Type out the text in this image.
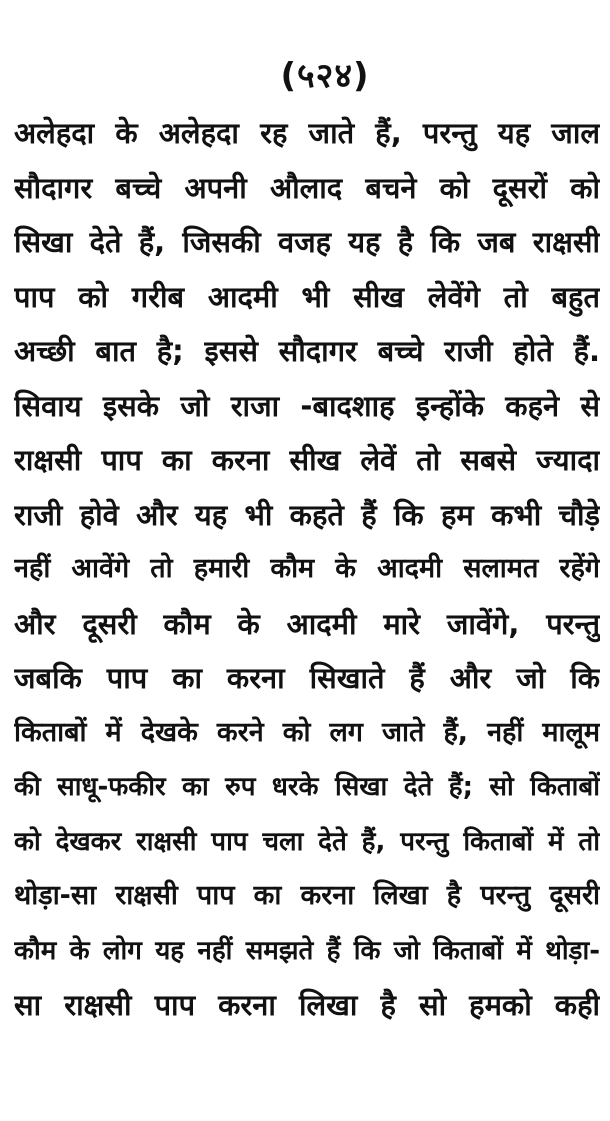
(५२४)
अलेहदा के अलेहदा रह जाते हैं, परन्तु यह जाल
सौदागर बच्चे अपनी औलाद बचने को दूसरों को
सिखा देते हैं, जिसकी वजह यह है कि जब राक्षसी
पाप को गरीब आदमी भी सीख लेवेंगे तो बहुत
अच्छी बात है; इससे सौदागर बच्चे राजी होते हैं.
सिवाय इसके जो राजा -बादशाह इन्होंके कहने से
राक्षसी पाप का करना सीख लेवें तो सबसे ज्यादा
राजी होवे और यह भी कहते हैं कि हम कभी चौड़े
नहीं आवेंगे तो हमारी कौम के आदमी सलामत रहेंगे
और दूसरी कौम के आदमी मारे जावेंगे, परन्तु
जबकि पाप का करना सिखाते हैं और जो कि
किताबों में देखके करने को लग जाते हैं, नहीं मालूम
की साधू-फकीर का रुप धरके सिखा देते हैं; सो किताबों
को देखकर राक्षसी पाप चला देते हैं, परन्तु किताबों में तो
थोड़ा-सा राक्षसी पाप का करना लिखा है परन्तु दूसरी
कौम के लोग यह नहीं समझते हैं कि जो किताबों में थोड़ा-
सा राक्षसी पाप करना लिखा है सो हमको कही
